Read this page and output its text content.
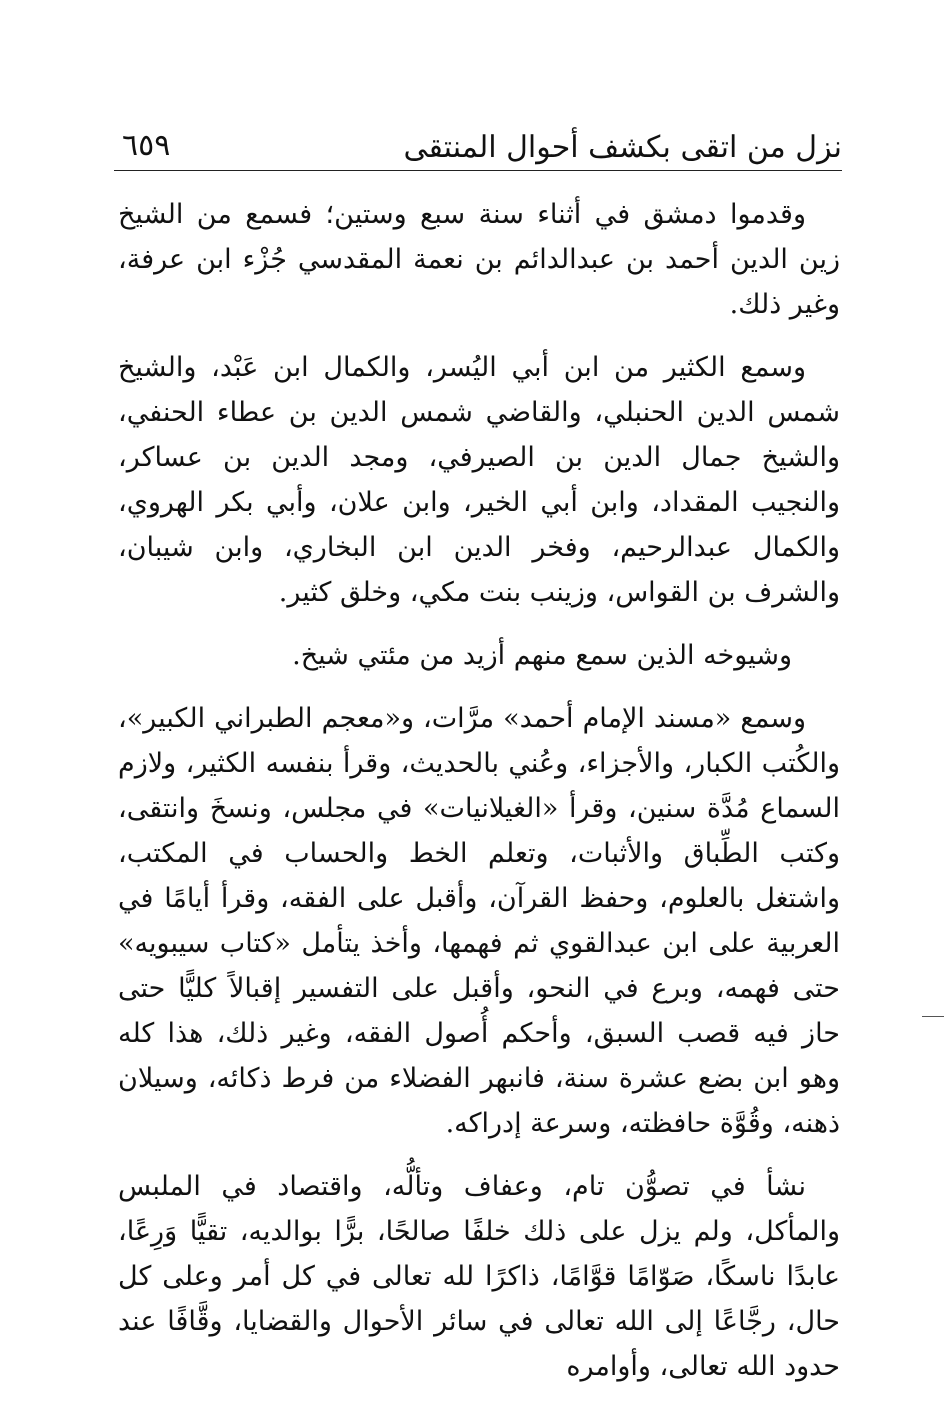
نزل من اتقى بكشف أحوال المنتقى
٦٥٩

وقدموا دمشق في أثناء سنة سبع وستين؛ فسمع من الشيخ زين الدين أحمد بن عبدالدائم بن نعمة المقدسي جُزْء ابن عرفة، وغير ذلك.

وسمع الكثير من ابن أبي اليُسر، والكمال ابن عَبْد، والشيخ شمس الدين الحنبلي، والقاضي شمس الدين بن عطاء الحنفي، والشيخ جمال الدين بن الصيرفي، ومجد الدين بن عساكر، والنجيب المقداد، وابن أبي الخير، وابن علان، وأبي بكر الهروي، والكمال عبدالرحيم، وفخر الدين ابن البخاري، وابن شيبان، والشرف بن القواس، وزينب بنت مكي، وخلق كثير.

وشيوخه الذين سمع منهم أزيد من مئتي شيخ.

وسمع «مسند الإمام أحمد» مرَّات، و«معجم الطبراني الكبير»، والكُتب الكبار، والأجزاء، وعُني بالحديث، وقرأ بنفسه الكثير، ولازم السماع مُدَّة سنين، وقرأ «الغيلانيات» في مجلس، ونسخَ وانتقى، وكتب الطِّباق والأثبات، وتعلم الخط والحساب في المكتب، واشتغل بالعلوم، وحفظ القرآن، وأقبل على الفقه، وقرأ أيامًا في العربية على ابن عبدالقوي ثم فهمها، وأخذ يتأمل «كتاب سيبويه» حتى فهمه، وبرع في النحو، وأقبل على التفسير إقبالاً كليًّا حتى حاز فيه قصب السبق، وأحكم أُصول الفقه، وغير ذلك، هذا كله وهو ابن بضع عشرة سنة، فانبهر الفضلاء من فرط ذكائه، وسيلان ذهنه، وقُوَّة حافظته، وسرعة إدراكه.

نشأ في تصوُّن تام، وعفاف وتألُّه، واقتصاد في الملبس والمأكل، ولم يزل على ذلك خلفًا صالحًا، برًّا بوالديه، تقيًّا وَرِعًا، عابدًا ناسكًا، صَوّامًا قوَّامًا، ذاكرًا لله تعالى في كل أمر وعلى كل حال، رجَّاعًا إلى الله تعالى في سائر الأحوال والقضايا، وقَّافًا عند حدود الله تعالى، وأوامره
